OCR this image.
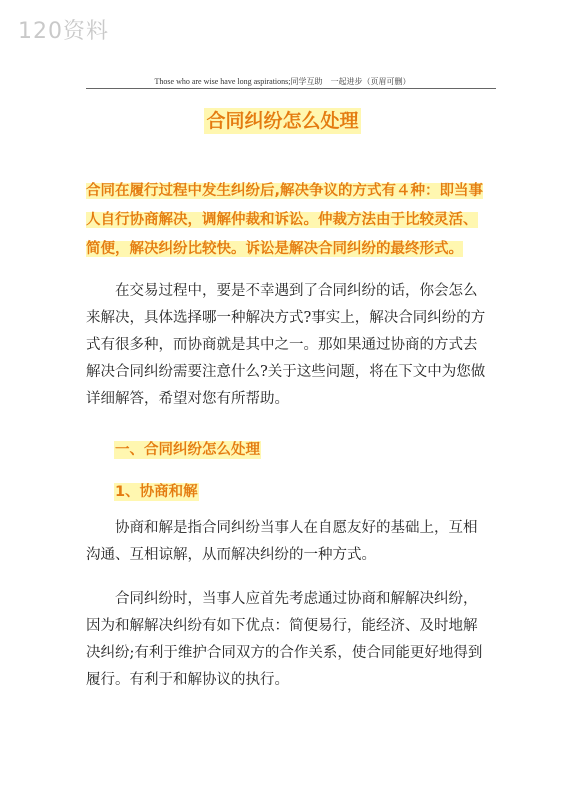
120资料
Those who are wise have long aspirations;同学互助　一起进步（页眉可删）
合同纠纷怎么处理
合同在履行过程中发生纠纷后,解决争议的方式有４种：即当事人自行协商解决，调解仲裁和诉讼。仲裁方法由于比较灵活、简便，解决纠纷比较快。诉讼是解决合同纠纷的最终形式。

在交易过程中，要是不幸遇到了合同纠纷的话，你会怎么来解决，具体选择哪一种解决方式?事实上，解决合同纠纷的方式有很多种，而协商就是其中之一。那如果通过协商的方式去解决合同纠纷需要注意什么?关于这些问题，将在下文中为您做详细解答，希望对您有所帮助。

一、合同纠纷怎么处理
1、协商和解

协商和解是指合同纠纷当事人在自愿友好的基础上，互相沟通、互相谅解，从而解决纠纷的一种方式。

合同纠纷时，当事人应首先考虑通过协商和解解决纠纷，因为和解解决纠纷有如下优点：简便易行，能经济、及时地解决纠纷;有利于维护合同双方的合作关系，使合同能更好地得到履行。有利于和解协议的执行。
